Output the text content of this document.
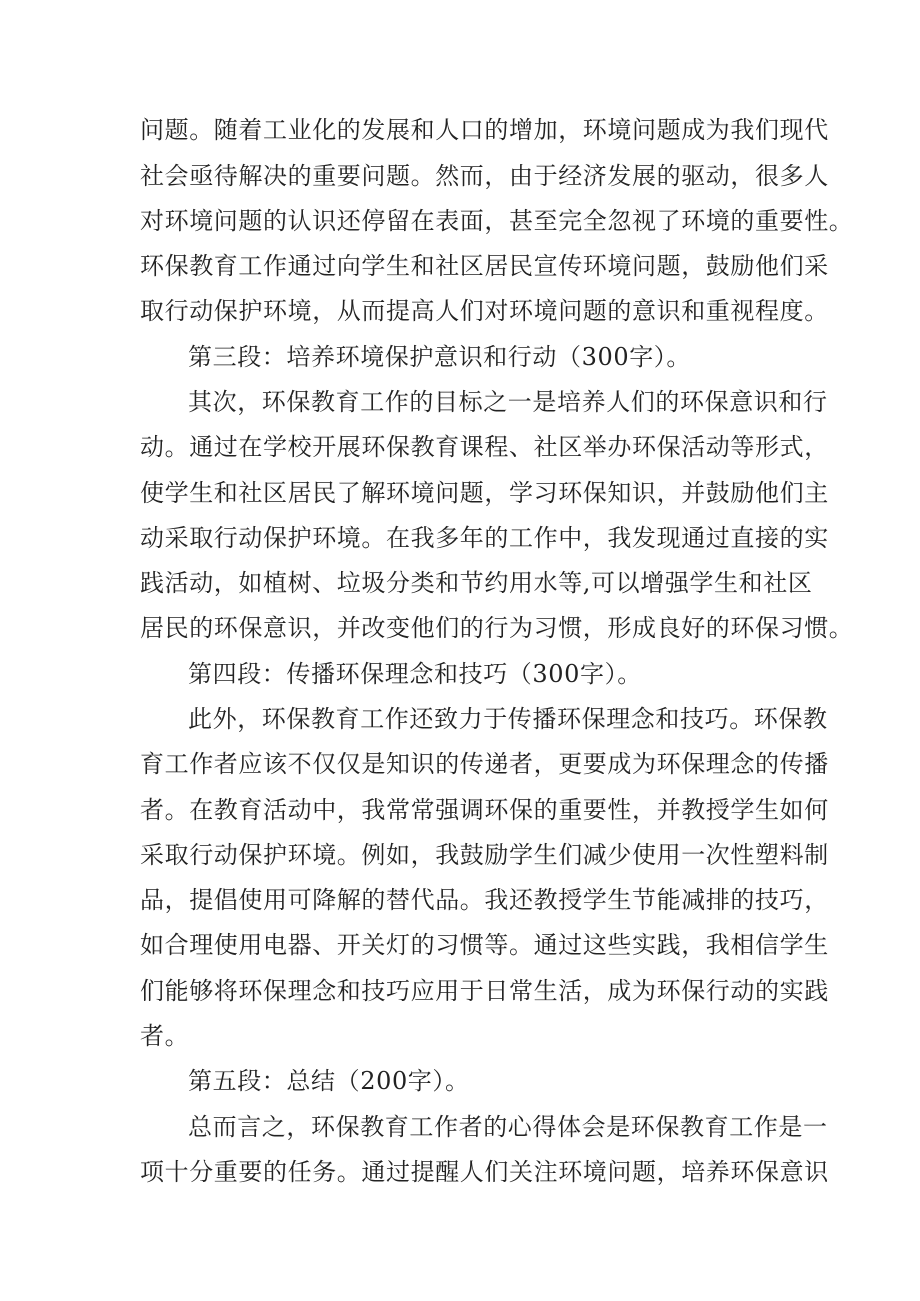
问题。随着工业化的发展和人口的增加，环境问题成为我们现代

社会亟待解决的重要问题。然而，由于经济发展的驱动，很多人

对环境问题的认识还停留在表面，甚至完全忽视了环境的重要性。

环保教育工作通过向学生和社区居民宣传环境问题，鼓励他们采

取行动保护环境，从而提高人们对环境问题的意识和重视程度。

第三段：培养环境保护意识和行动（300字）。

其次，环保教育工作的目标之一是培养人们的环保意识和行

动。通过在学校开展环保教育课程、社区举办环保活动等形式，

使学生和社区居民了解环境问题，学习环保知识，并鼓励他们主

动采取行动保护环境。在我多年的工作中，我发现通过直接的实

践活动，如植树、垃圾分类和节约用水等,可以增强学生和社区

居民的环保意识，并改变他们的行为习惯，形成良好的环保习惯。

第四段：传播环保理念和技巧（300字）。

此外，环保教育工作还致力于传播环保理念和技巧。环保教

育工作者应该不仅仅是知识的传递者，更要成为环保理念的传播

者。在教育活动中，我常常强调环保的重要性，并教授学生如何

采取行动保护环境。例如，我鼓励学生们减少使用一次性塑料制

品，提倡使用可降解的替代品。我还教授学生节能减排的技巧，

如合理使用电器、开关灯的习惯等。通过这些实践，我相信学生

们能够将环保理念和技巧应用于日常生活，成为环保行动的实践

者。

第五段：总结（200字）。

总而言之，环保教育工作者的心得体会是环保教育工作是一

项十分重要的任务。通过提醒人们关注环境问题，培养环保意识
